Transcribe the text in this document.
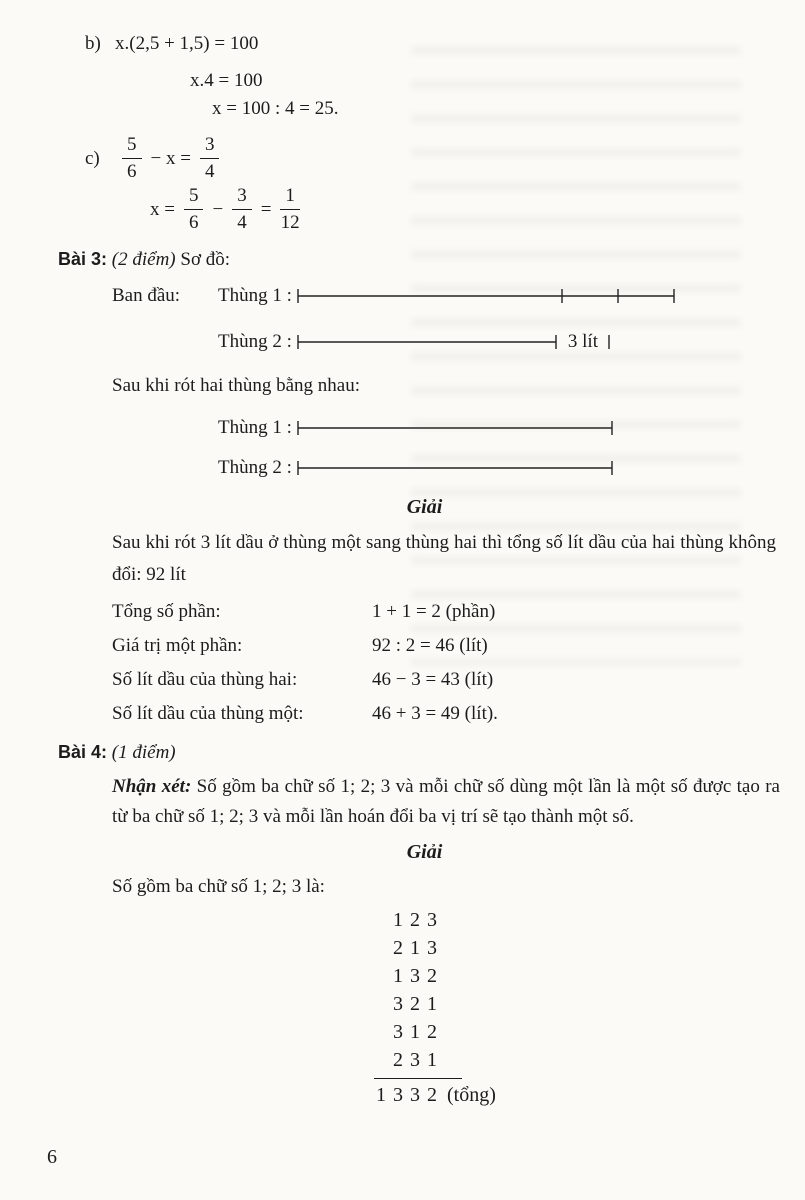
b) x.(2,5 + 1,5) = 100
x.4 = 100
x = 100 : 4 = 25.
c)	$\frac{5}{6} - x = \frac{3}{4}$
$x = \frac{5}{6} - \frac{3}{4} = \frac{1}{12}$
Bài 3: (2 điểm) Sơ đồ:
Ban đầu:	Thùng 1 :
Thùng 2 :	3 lít
Sau khi rót hai thùng bằng nhau:
Thùng 1 :
Thùng 2 :
Giải
Sau khi rót 3 lít dầu ở thùng một sang thùng hai thì tổng số lít dầu của hai thùng không đổi: 92 lít
Tổng số phần:	1 + 1 = 2 (phần)
Giá trị một phần:	92 : 2 = 46 (lít)
Số lít dầu của thùng hai:	46 − 3 = 43 (lít)
Số lít dầu của thùng một:	46 + 3 = 49 (lít).
Bài 4: (1 điểm)
Nhận xét: Số gồm ba chữ số 1; 2; 3 và mỗi chữ số dùng một lần là một số được tạo ra từ ba chữ số 1; 2; 3 và mỗi lần hoán đổi ba vị trí sẽ tạo thành một số.
Giải
Số gồm ba chữ số 1; 2; 3 là:
1 2 3
2 1 3
1 3 2
3 2 1
3 1 2
2 3 1
1 3 3 2 (tổng)
6
